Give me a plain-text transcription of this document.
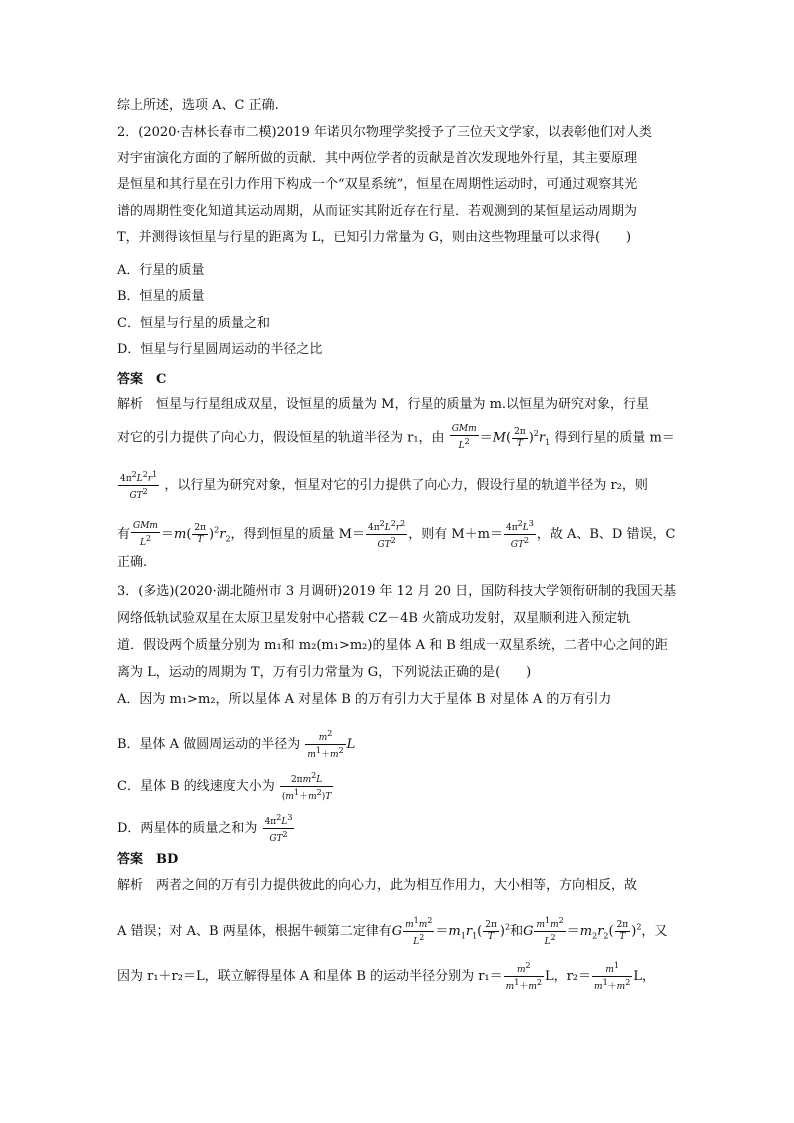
综上所述，选项 A、C 正确.
2．(2020·吉林长春市二模)2019 年诺贝尔物理学奖授予了三位天文学家，以表彰他们对人类
对宇宙演化方面的了解所做的贡献．其中两位学者的贡献是首次发现地外行星，其主要原理
是恒星和其行星在引力作用下构成一个“双星系统”，恒星在周期性运动时，可通过观察其光
谱的周期性变化知道其运动周期，从而证实其附近存在行星．若观测到的某恒星运动周期为
T，并测得该恒星与行星的距离为 L，已知引力常量为 G，则由这些物理量可以求得(　　)
A．行星的质量
B．恒星的质量
C．恒星与行星的质量之和
D．恒星与行星圆周运动的半径之比
答案　C
解析　恒星与行星组成双星，设恒星的质量为 M，行星的质量为 m.以恒星为研究对象，行星
对它的引力提供了向心力，假设恒星的轨道半径为 r₁，由 $\frac{\text{GMm}}{L^2} =M( \frac{2\pi}{T} )^2r_1$ 得到行星的质量 m＝
$\frac{4\pi^2L^2r^1}{GT^2}$ ，以行星为研究对象，恒星对它的引力提供了向心力，假设行星的轨道半径为 r₂，则
有 $\frac{\text{GMm}}{L^2} =m( \frac{2\pi}{T} )^2r_2$，得到恒星的质量 $M= \frac{4\pi^2L^2r^2}{GT^2}$ ，则有 $M+m= \frac{4\pi^2L^3}{GT^2}$ ，故 A、B、D 错误，C
正确.
3．(多选)(2020·湖北随州市 3 月调研)2019 年 12 月 20 日，国防科技大学领衔研制的我国天基
网络低轨试验双星在太原卫星发射中心搭载 CZ－4B 火箭成功发射，双星顺利进入预定轨
道．假设两个质量分别为 m₁和 m₂(m₁>m₂)的星体 A 和 B 组成一双星系统，二者中心之间的距
离为 L，运动的周期为 T，万有引力常量为 G，下列说法正确的是(　　)
A．因为 m₁>m₂，所以星体 A 对星体 B 的万有引力大于星体 B 对星体 A 的万有引力
B．星体 A 做圆周运动的半径为 $\frac{m^2}{m^1+m^2}$ L
C．星体 B 的线速度大小为 $\frac{2\pi m^2L}{(m^1+m^2)T}$
D．两星体的质量之和为 $\frac{4\pi^2L^3}{GT^2}$
答案　BD
解析　两者之间的万有引力提供彼此的向心力，此为相互作用力，大小相等，方向相反，故
A 错误；对 A、B 两星体，根据牛顿第二定律有G $\frac{m^1m^2}{L^2} =m_1r_1( \frac{2\pi}{T} )^2$和G $\frac{m^1m^2}{L^2} =m_2r_2( \frac{2\pi}{T} )^2$，又
因为 r₁＋r₂＝L，联立解得星体 A 和星体 B 的运动半径分别为 $r_1= \frac{m^2}{m^1+m^2}$ L，$r_2= \frac{m^1}{m^1+m^2}$ L，
